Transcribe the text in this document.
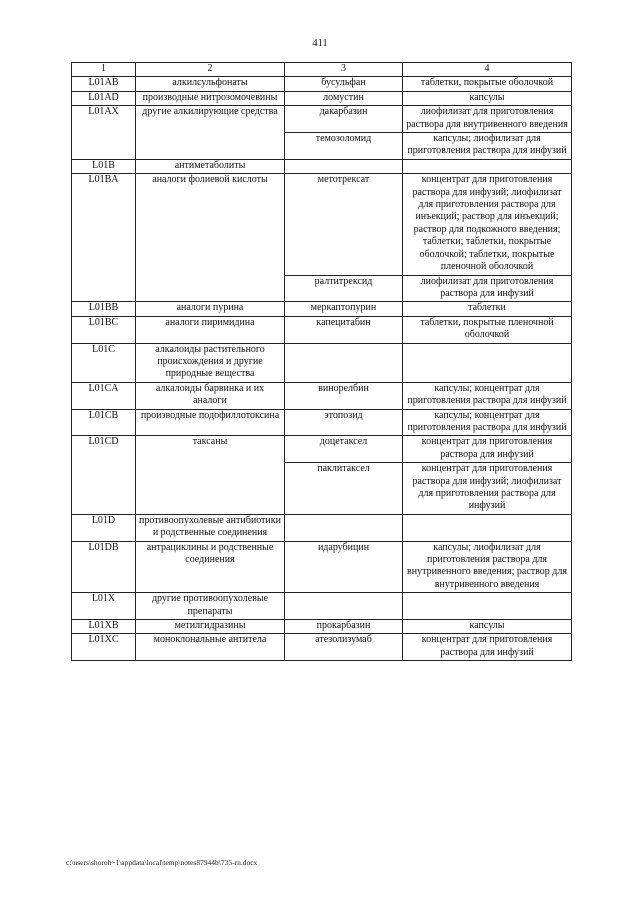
411
1	2	3	4
L01AB	алкилсульфонаты	бусульфан	таблетки, покрытые оболочкой
L01AD	производные нитрозомочевины	ломустин	капсулы
L01AX	другие алкилирующие средства	дакарбазин	лиофилизат для приготовления раствора для внутривенного введения
		темозоломид	капсулы; лиофилизат для приготовления раствора для инфузий
L01B	антиметаболиты		
L01BA	аналоги фолиевой кислоты	метотрексат	концентрат для приготовления раствора для инфузий; лиофилизат для приготовления раствора для инъекций; раствор для инъекций; раствор для подкожного введения; таблетки; таблетки, покрытые оболочкой; таблетки, покрытые пленочной оболочкой
		ралтитрексид	лиофилизат для приготовления раствора для инфузий
L01BB	аналоги пурина	меркаптопурин	таблетки
L01BC	аналоги пиримидина	капецитабин	таблетки, покрытые пленочной оболочкой
L01C	алкалоиды растительного происхождения и другие природные вещества		
L01CA	алкалоиды барвинка и их аналоги	винорелбин	капсулы; концентрат для приготовления раствора для инфузий
L01CB	производные подофиллотоксина	этопозид	капсулы; концентрат для приготовления раствора для инфузий
L01CD	таксаны	доцетаксел	концентрат для приготовления раствора для инфузий
		паклитаксел	концентрат для приготовления раствора для инфузий; лиофилизат для приготовления раствора для инфузий
L01D	противоопухолевые антибиотики и родственные соединения		
L01DB	антрациклины и родственные соединения	идарубицин	капсулы; лиофилизат для приготовления раствора для внутривенного введения; раствор для внутривенного введения
L01X	другие противоопухолевые препараты		
L01XB	метилгидразины	прокарбазин	капсулы
L01XC	моноклональные антитела	атезолизумаб	концентрат для приготовления раствора для инфузий
c:\users\shoroh~1\appdata\local\temp\notes87944b\735-rn.docx
